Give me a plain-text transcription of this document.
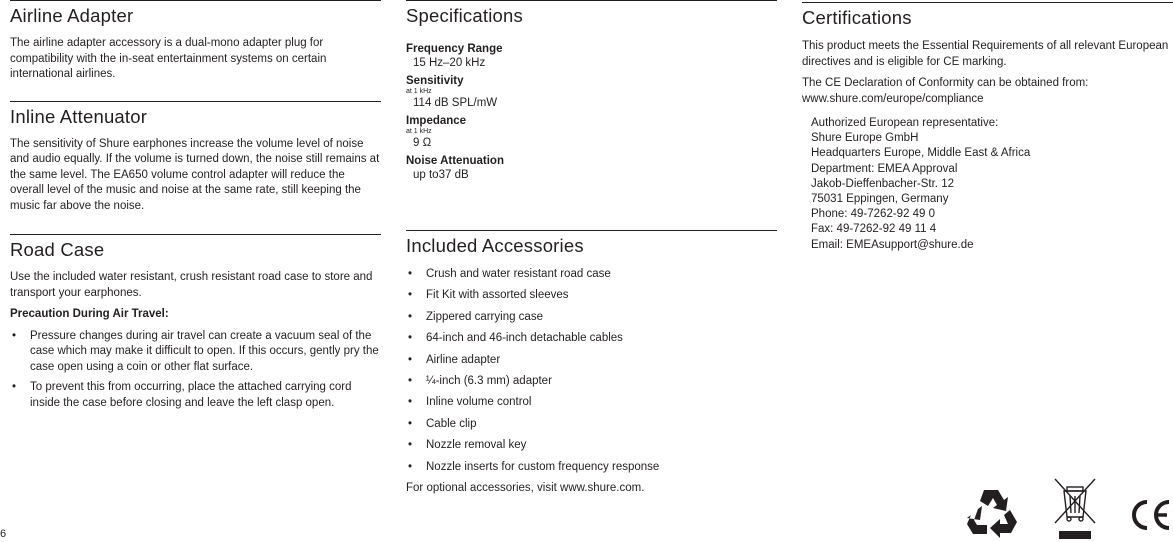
Airline Adapter

The airline adapter accessory is a dual-mono adapter plug for compatibility with the in-seat entertainment systems on certain international airlines.

Inline Attenuator

The sensitivity of Shure earphones increase the volume level of noise and audio equally. If the volume is turned down, the noise still remains at the same level. The EA650 volume control adapter will reduce the overall level of the music and noise at the same rate, still keeping the music far above the noise.

Road Case

Use the included water resistant, crush resistant road case to store and transport your earphones.

Precaution During Air Travel:

• Pressure changes during air travel can create a vacuum seal of the case which may make it difficult to open. If this occurs, gently pry the case open using a coin or other flat surface.
• To prevent this from occurring, place the attached carrying cord inside the case before closing and leave the left clasp open.
Specifications

Frequency Range

15 Hz–20 kHz

Sensitivity

at 1 kHz

114 dB SPL/mW

Impedance

at 1 kHz

9 Ω

Noise Attenuation

up to37 dB

Included Accessories
• Crush and water resistant road case
• Fit Kit with assorted sleeves
• Zippered carrying case
• 64-inch and 46-inch detachable cables
• Airline adapter
• ¼-inch (6.3 mm) adapter
• Inline volume control
• Cable clip
• Nozzle removal key
• Nozzle inserts for custom frequency response

For optional accessories, visit www.shure.com.

Certifications

This product meets the Essential Requirements of all relevant European directives and is eligible for CE marking.

The CE Declaration of Conformity can be obtained from: www.shure.com/europe/compliance

Authorized European representative:
Shure Europe GmbH
Headquarters Europe, Middle East & Africa
Department: EMEA Approval
Jakob-Dieffenbacher-Str. 12
75031 Eppingen, Germany
Phone: 49-7262-92 49 0
Fax: 49-7262-92 49 11 4
Email: EMEAsupport@shure.de
6
